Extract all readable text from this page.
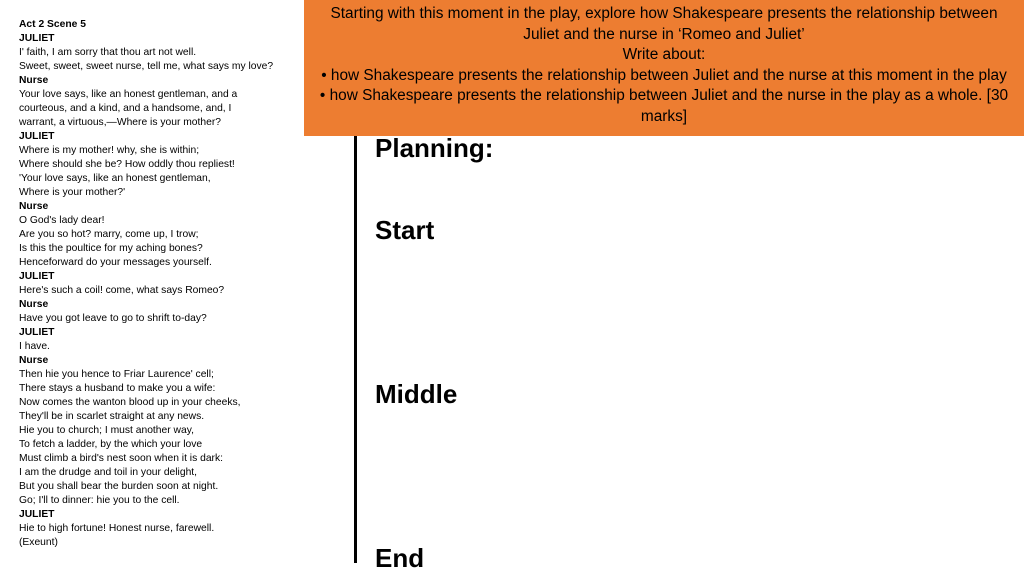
Act 2 Scene 5
JULIET
I' faith, I am sorry that thou art not well.
Sweet, sweet, sweet nurse, tell me, what says my love?
Nurse
Your love says, like an honest gentleman, and a
courteous, and a kind, and a handsome, and, I
warrant, a virtuous,—Where is your mother?
JULIET
Where is my mother! why, she is within;
Where should she be? How oddly thou repliest!
'Your love says, like an honest gentleman,
Where is your mother?'
Nurse
O God's lady dear!
Are you so hot? marry, come up, I trow;
Is this the poultice for my aching bones?
Henceforward do your messages yourself.
JULIET
Here's such a coil! come, what says Romeo?
Nurse
Have you got leave to go to shrift to-day?
JULIET
I have.
Nurse
Then hie you hence to Friar Laurence' cell;
There stays a husband to make you a wife:
Now comes the wanton blood up in your cheeks,
They'll be in scarlet straight at any news.
Hie you to church; I must another way,
To fetch a ladder, by the which your love
Must climb a bird's nest soon when it is dark:
I am the drudge and toil in your delight,
But you shall bear the burden soon at night.
Go; I'll to dinner: hie you to the cell.
JULIET
Hie to high fortune! Honest nurse, farewell.
(Exeunt)
Starting with this moment in the play, explore how Shakespeare presents the relationship between
Juliet and the nurse in ‘Romeo and Juliet’
Write about:
• how Shakespeare presents the relationship between Juliet and the nurse at this moment in the play
• how Shakespeare presents the relationship between Juliet and the nurse in the play as a whole. [30
marks]
Planning:
Start
Middle
End
